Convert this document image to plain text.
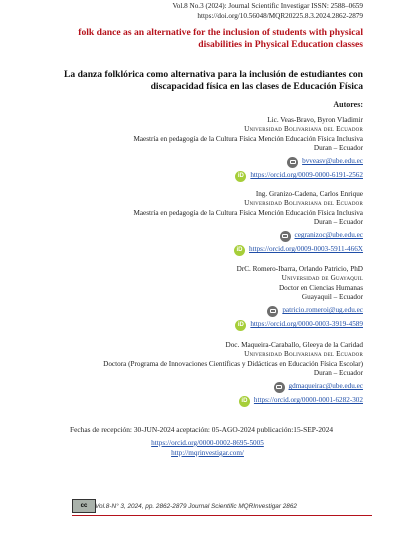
Vol.8 No.3 (2024): Journal Scientific Investigar ISSN: 2588–0659
https://doi.org/10.56048/MQR20225.8.3.2024.2862-2879
folk dance as an alternative for the inclusion of students with physical disabilities in Physical Education classes
La danza folklórica como alternativa para la inclusión de estudiantes con discapacidad física en las clases de Educación Física
Autores:
Lic. Veas-Bravo, Byron Vladimir
Universidad Bolivariana del Ecuador
Maestría en pedagogía de la Cultura Física Mención Educación Física Inclusiva
Duran – Ecuador
bvveasv@ube.edu.ec
iD https://orcid.org/0009-0000-6191-2562
Ing. Granizo-Cadena, Carlos Enrique
Universidad Bolivariana del Ecuador
Maestría en pedagogía de la Cultura Física Mención Educación Física Inclusiva
Duran – Ecuador
cegranizoc@ube.edu.ec
iD https://orcid.org/0009-0003-5911-466X
DrC. Romero-Ibarra, Orlando Patricio, PhD
Universidad de Guayaquil
Doctor en Ciencias Humanas
Guayaquil – Ecuador
patricio.romeroi@ug.edu.ec
iD https://orcid.org/0000-0003-3919-4589
Doc. Maqueira-Caraballo, Gleeya de la Caridad
Universidad Bolivariana del Ecuador
Doctora (Programa de Innovaciones Científicas y Didácticas en Educación Física Escolar)
Duran – Ecuador
gdmaqueirac@ube.edu.ec
iD https://orcid.org/0000-0001-6282-302
Fechas de recepción: 30-JUN-2024 aceptación: 05-AGO-2024 publicación:15-SEP-2024
https://orcid.org/0000-0002-8695-5005
http://mqrinvestigar.com/
cc	Vol.8-N° 3, 2024, pp. 2862-2879 Journal Scientific MQRInvestigar 2862
